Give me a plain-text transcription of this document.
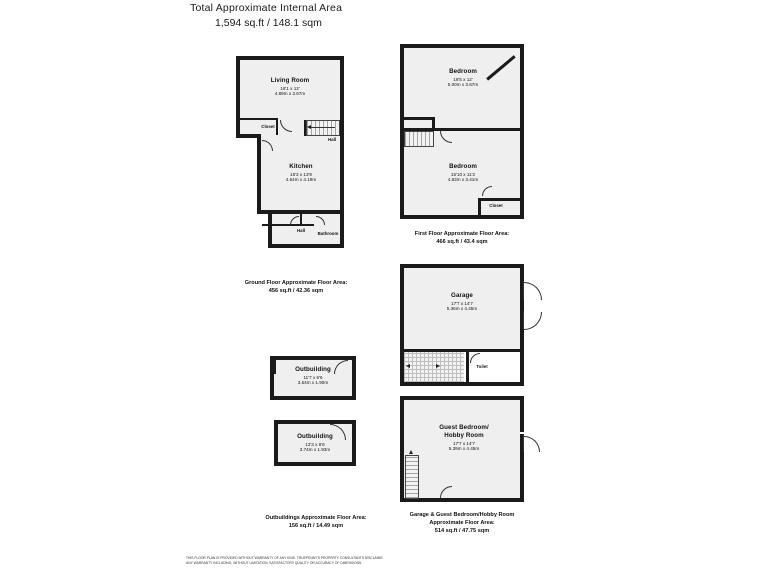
Total Approximate Internal Area
1,594 sq.ft / 148.1 sqm
Living Room
16'1 x 12'
4.89m x 3.67m
Kitchen
15'3 x 13'9
4.64m x 4.19m
Closet
Hall
Hall
Bathroom
Ground Floor Approximate Floor Area:
456 sq.ft / 42.36 sqm
Bedroom
16'5 x 12'
5.00m x 3.67m
Bedroom
15'10 x 11'2
4.83m x 3.41m
Closet
First Floor Approximate Floor Area:
466 sq.ft / 43.4 sqm
Garage
17'7 x 14'7
5.36m x 4.45m
Toilet
Guest Bedroom/
Hobby Room
17'7 x 14'7
5.39m x 4.45m
Garage & Guest Bedroom/Hobby Room
Approximate Floor Area:
514 sq.ft / 47.75 sqm
Outbuilding
11'7 x 6'6
3.54m x 1.90m
Outbuilding
12'3 x 6'6
3.74m x 1.93m
Outbuildings Approximate Floor Area:
156 sq.ft / 14.49 sqm
THIS FLOOR PLAN IS PROVIDED WITHOUT WARRANTY OF ANY KIND. TRUEPENNY'S PROPERTY CONSULTANTS DISCLAIMS
ANY WARRANTY INCLUDING, WITHOUT LIMITATION, SATISFACTORY QUALITY OR ACCURACY OF DIMENSIONS.
